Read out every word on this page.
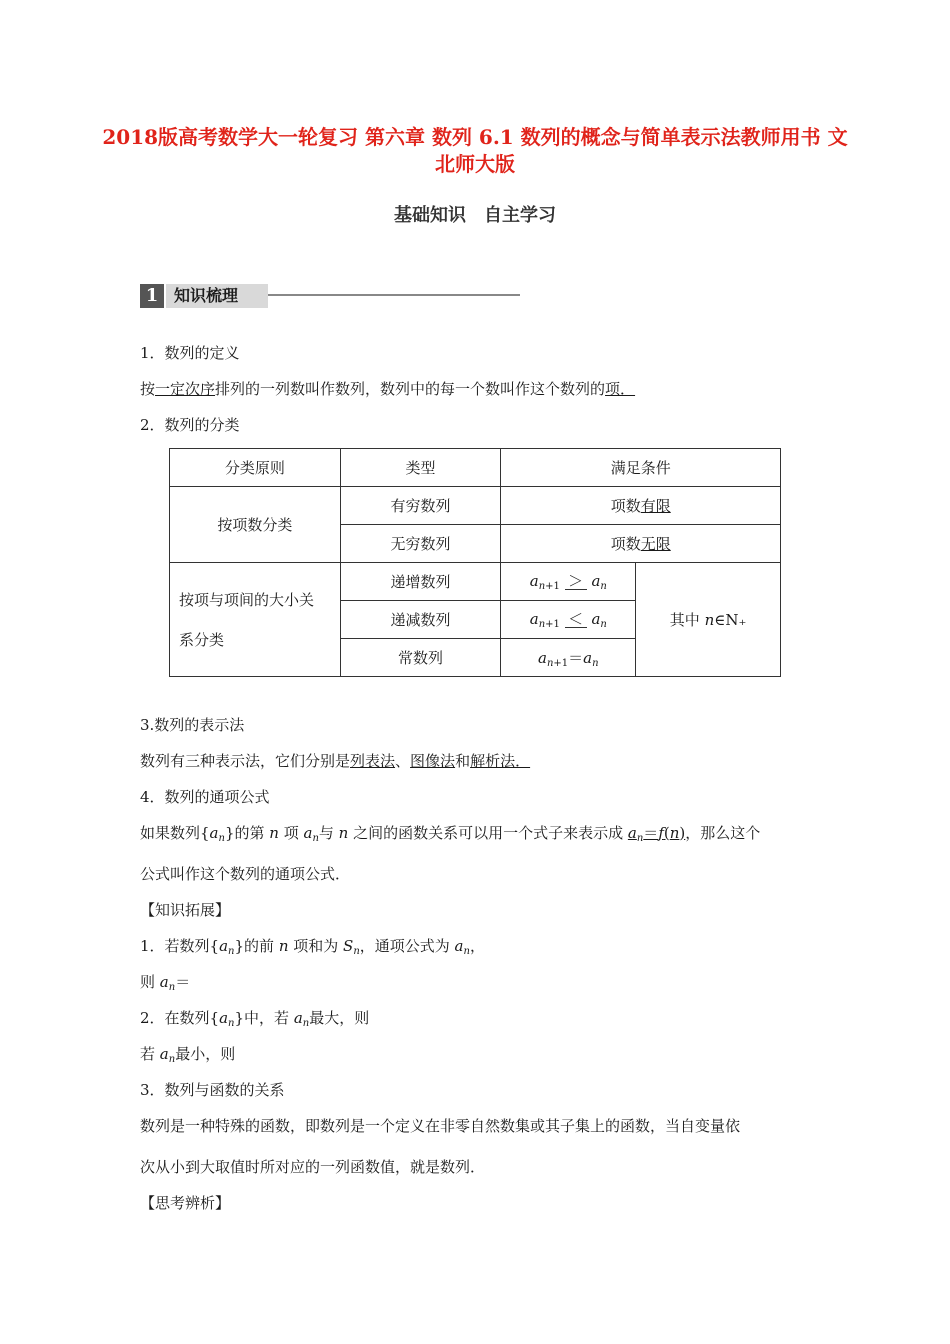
2018版高考数学大一轮复习 第六章 数列 6.1 数列的概念与简单表示法教师用书 文 北师大版
基础知识　自主学习
1 知识梳理
1．数列的定义
按一定次序排列的一列数叫作数列，数列中的每一个数叫作这个数列的项．
2．数列的分类
分类原则	类型	满足条件	
按项数分类	有穷数列	项数有限	
	无穷数列	项数无限	
按项与项间的大小关
系分类	递增数列	$a_{n+1} > a_n$	其中 n∈N₊
	递减数列	$a_{n+1} < a_n$
	常数列	$a_{n+1}=a_n$
3.数列的表示法
数列有三种表示法，它们分别是列表法、图像法和解析法．
4．数列的通项公式
如果数列$\{a_n\}$的第 n 项 $a_n$与 n 之间的函数关系可以用一个式子来表示成 $a_n=f(n)$，那么这个
公式叫作这个数列的通项公式．
【知识拓展】
1．若数列$\{a_n\}$的前 n 项和为 $S_n$，通项公式为 $a_n$，
则 $a_n=$
2．在数列$\{a_n\}$中，若 $a_n$最大，则
若 $a_n$最小，则
3．数列与函数的关系
数列是一种特殊的函数，即数列是一个定义在非零自然数集或其子集上的函数，当自变量依
次从小到大取值时所对应的一列函数值，就是数列．
【思考辨析】
